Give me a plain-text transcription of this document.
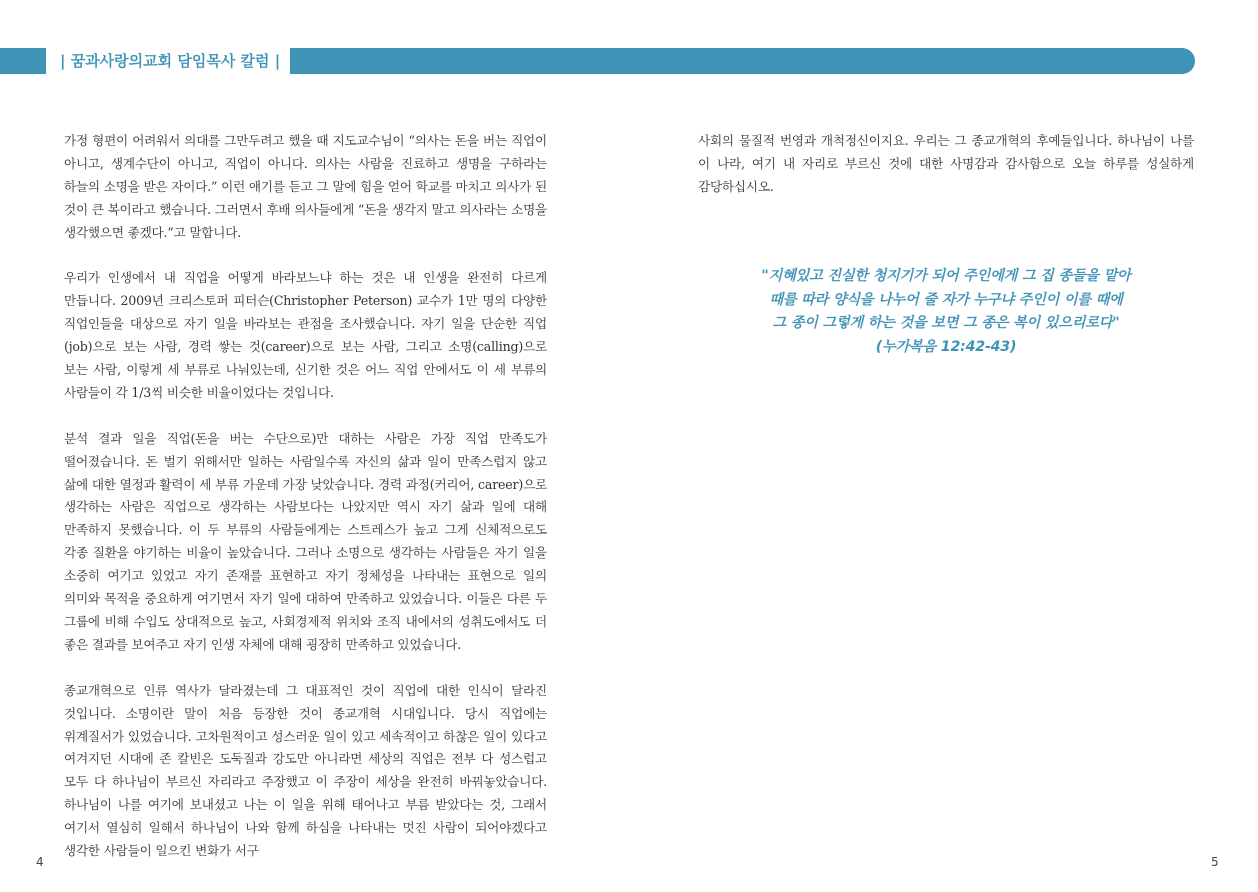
| 꿈과사랑의교회 담임목사 칼럼 |

가정 형편이 어려워서 의대를 그만두려고 했을 때 지도교수님이 “의사는 돈을 버는 직업이 아니고, 생계수단이 아니고, 직업이 아니다. 의사는 사람을 진료하고 생명을 구하라는 하늘의 소명을 받은 자이다.” 이런 얘기를 듣고 그 말에 힘을 얻어 학교를 마치고 의사가 된 것이 큰 복이라고 했습니다. 그러면서 후배 의사들에게 “돈을 생각지 말고 의사라는 소명을 생각했으면 좋겠다.”고 말합니다.

우리가 인생에서 내 직업을 어떻게 바라보느냐 하는 것은 내 인생을 완전히 다르게 만듭니다. 2009년 크리스토퍼 피터슨(Christopher Peterson) 교수가 1만 명의 다양한 직업인들을 대상으로 자기 일을 바라보는 관점을 조사했습니다. 자기 일을 단순한 직업(job)으로 보는 사람, 경력 쌓는 것(career)으로 보는 사람, 그리고 소명(calling)으로 보는 사람, 이렇게 세 부류로 나눠있는데, 신기한 것은 어느 직업 안에서도 이 세 부류의 사람들이 각 1/3씩 비슷한 비율이었다는 것입니다.

분석 결과 일을 직업(돈을 버는 수단으로)만 대하는 사람은 가장 직업 만족도가 떨어졌습니다. 돈 벌기 위해서만 일하는 사람일수록 자신의 삶과 일이 만족스럽지 않고 삶에 대한 열정과 활력이 세 부류 가운데 가장 낮았습니다. 경력 과정(커리어, career)으로 생각하는 사람은 직업으로 생각하는 사람보다는 나았지만 역시 자기 삶과 일에 대해 만족하지 못했습니다. 이 두 부류의 사람들에게는 스트레스가 높고 그게 신체적으로도 각종 질환을 야기하는 비율이 높았습니다. 그러나 소명으로 생각하는 사람들은 자기 일을 소중히 여기고 있었고 자기 존재를 표현하고 자기 정체성을 나타내는 표현으로 일의 의미와 목적을 중요하게 여기면서 자기 일에 대하여 만족하고 있었습니다. 이들은 다른 두 그룹에 비해 수입도 상대적으로 높고, 사회경제적 위치와 조직 내에서의 성취도에서도 더 좋은 결과를 보여주고 자기 인생 자체에 대해 굉장히 만족하고 있었습니다.

종교개혁으로 인류 역사가 달라졌는데 그 대표적인 것이 직업에 대한 인식이 달라진 것입니다. 소명이란 말이 처음 등장한 것이 종교개혁 시대입니다. 당시 직업에는 위계질서가 있었습니다. 고차원적이고 성스러운 일이 있고 세속적이고 하찮은 일이 있다고 여겨지던 시대에 존 칼빈은 도둑질과 강도만 아니라면 세상의 직업은 전부 다 성스럽고 모두 다 하나님이 부르신 자리라고 주장했고 이 주장이 세상을 완전히 바꿔놓았습니다. 하나님이 나를 여기에 보내셨고 나는 이 일을 위해 태어나고 부름 받았다는 것, 그래서 여기서 열심히 일해서 하나님이 나와 함께 하심을 나타내는 멋진 사람이 되어야겠다고 생각한 사람들이 일으킨 변화가 서구

사회의 물질적 번영과 개척정신이지요. 우리는 그 종교개혁의 후예들입니다. 하나님이 나를 이 나라, 여기 내 자리로 부르신 것에 대한 사명감과 감사함으로 오늘 하루를 성실하게 감당하십시오.

"지혜있고 진실한 청지기가 되어 주인에게 그 집 종들을 맡아
때를 따라 양식을 나누어 줄 자가 누구냐 주인이 이를 때에
그 종이 그렇게 하는 것을 보면 그 종은 복이 있으리로다"
(누가복음 12:42-43)
4	5
